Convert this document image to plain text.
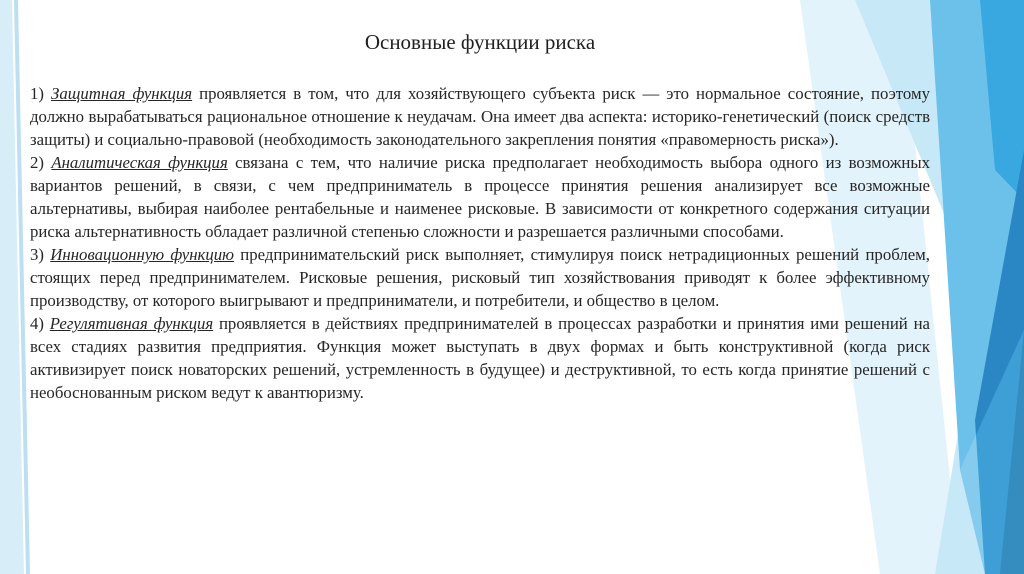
Основные функции риска

1) Защитная функция проявляется в том, что для хозяйствующего субъекта риск — это нормальное состояние, поэтому должно вырабатываться рациональное отношение к неудачам. Она имеет два аспекта: историко-генетический (поиск средств защиты) и социально-правовой (необходимость законодательного закрепления понятия «правомерность риска»).

2) Аналитическая функция связана с тем, что наличие риска предполагает необходимость выбора одного из возможных вариантов решений, в связи, с чем предприниматель в процессе принятия решения анализирует все возможные альтернативы, выбирая наиболее рентабельные и наименее рисковые. В зависимости от конкретного содержания ситуации риска альтернативность обладает различной степенью сложности и разрешается различными способами.

3) Инновационную функцию предпринимательский риск выполняет, стимулируя поиск нетрадиционных решений проблем, стоящих перед предпринимателем. Рисковые решения, рисковый тип хозяйствования приводят к более эффективному производству, от которого выигрывают и предприниматели, и потребители, и общество в целом.

4) Регулятивная функция проявляется в действиях предпринимателей в процессах разработки и принятия ими решений на всех стадиях развития предприятия. Функция может выступать в двух формах и быть конструктивной (когда риск активизирует поиск новаторских решений, устремленность в будущее) и деструктивной, то есть когда принятие решений с необоснованным риском ведут к авантюризму.
